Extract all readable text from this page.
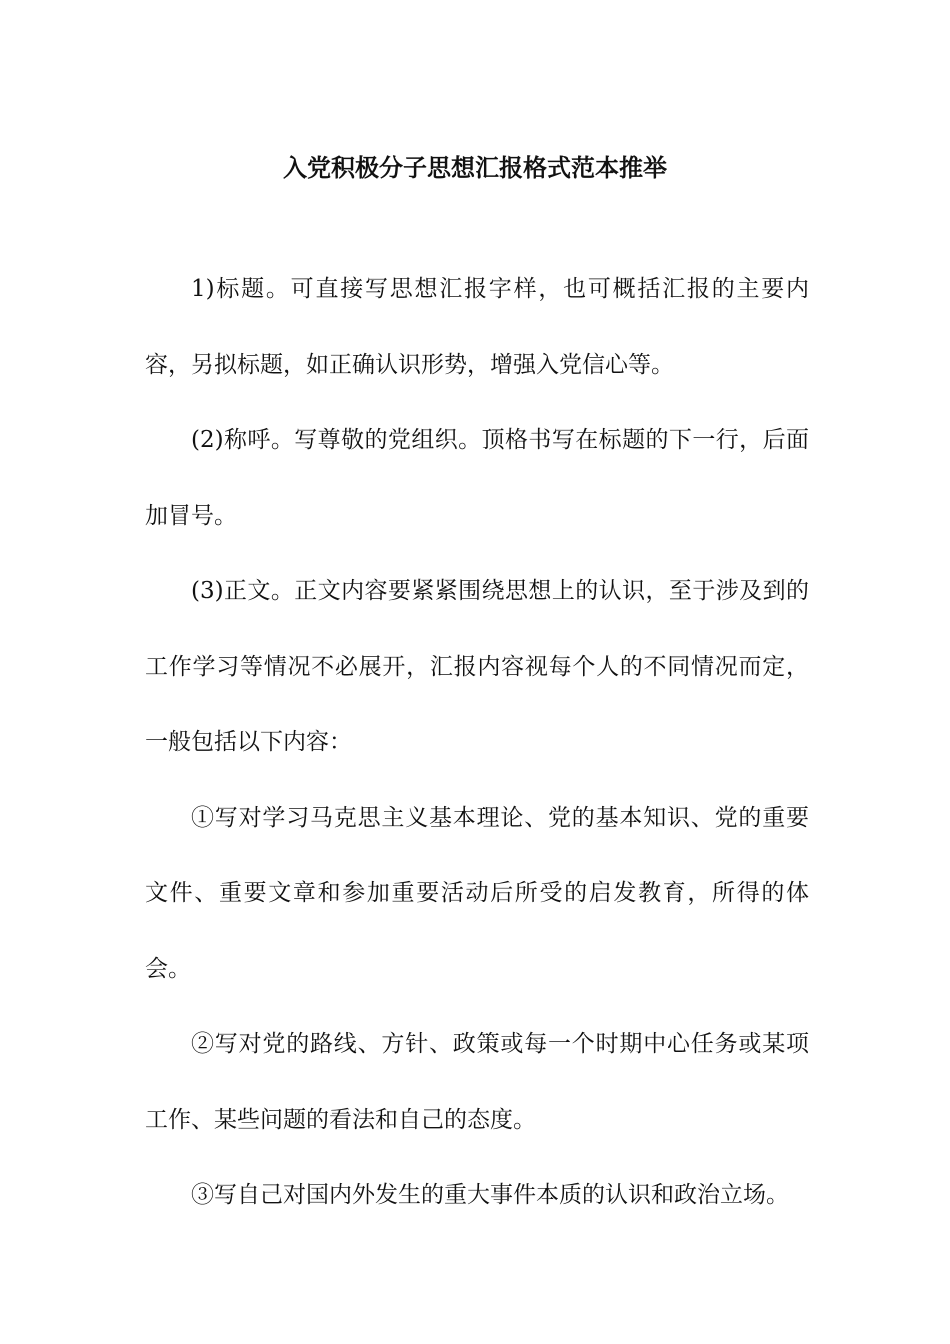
入党积极分子思想汇报格式范本推举

1)标题。可直接写思想汇报字样，也可概括汇报的主要内容，另拟标题，如正确认识形势，增强入党信心等。

(2)称呼。写尊敬的党组织。顶格书写在标题的下一行，后面加冒号。

(3)正文。正文内容要紧紧围绕思想上的认识，至于涉及到的工作学习等情况不必展开，汇报内容视每个人的不同情况而定，一般包括以下内容：

①写对学习马克思主义基本理论、党的基本知识、党的重要文件、重要文章和参加重要活动后所受的启发教育，所得的体会。

②写对党的路线、方针、政策或每一个时期中心任务或某项工作、某些问题的看法和自己的态度。

③写自己对国内外发生的重大事件本质的认识和政治立场。
